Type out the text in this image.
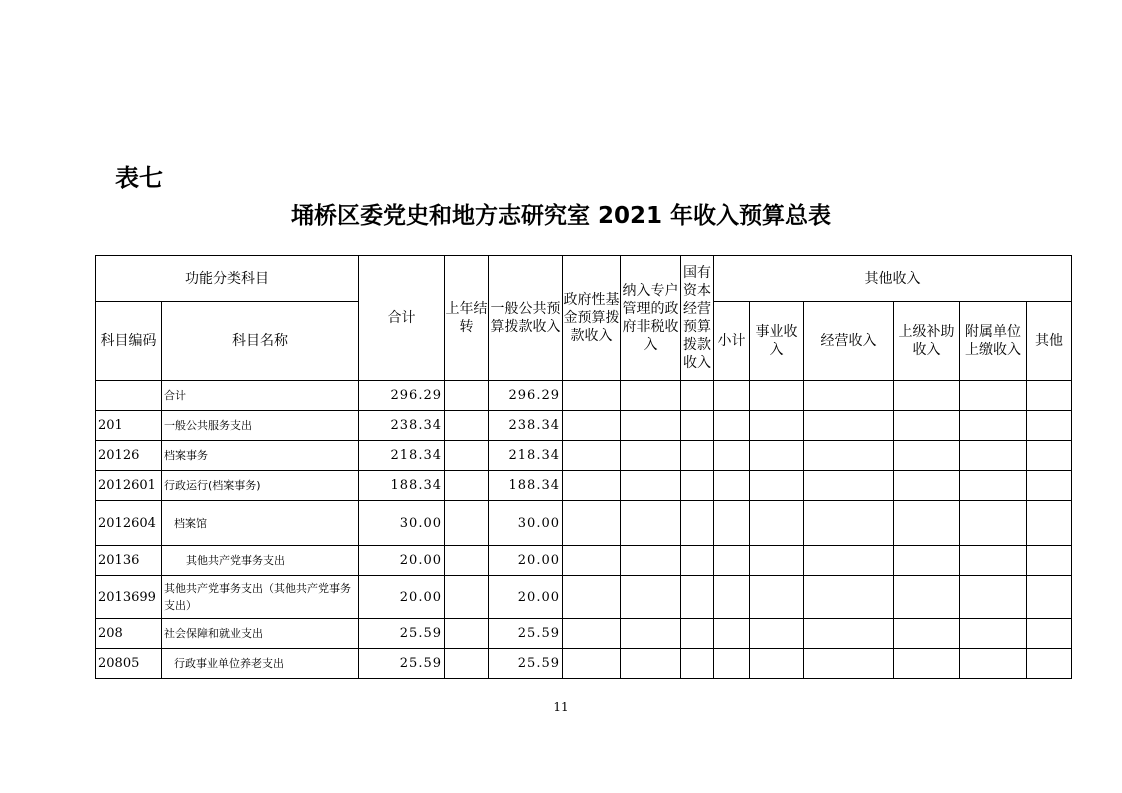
表七
埇桥区委党史和地方志研究室 2021 年收入预算总表
功能分类科目		合计	上年结转	一般公共预算拨款收入	政府性基金预算拨款收入	纳入专户管理的政府非税收入	国有资本经营预算拨款收入	其他收入					
科目编码	科目名称							小计	事业收入	经营收入	上级补助收入	附属单位上缴收入	其他
	合计	296.29		296.29									
201	一般公共服务支出	238.34		238.34									
20126	档案事务	218.34		218.34									
2012601	行政运行(档案事务)	188.34		188.34									
2012604	档案馆	30.00		30.00									
20136	其他共产党事务支出	20.00		20.00									
2013699	其他共产党事务支出（其他共产党事务支出）	20.00		20.00									
208	社会保障和就业支出	25.59		25.59									
20805	行政事业单位养老支出	25.59		25.59									
11
